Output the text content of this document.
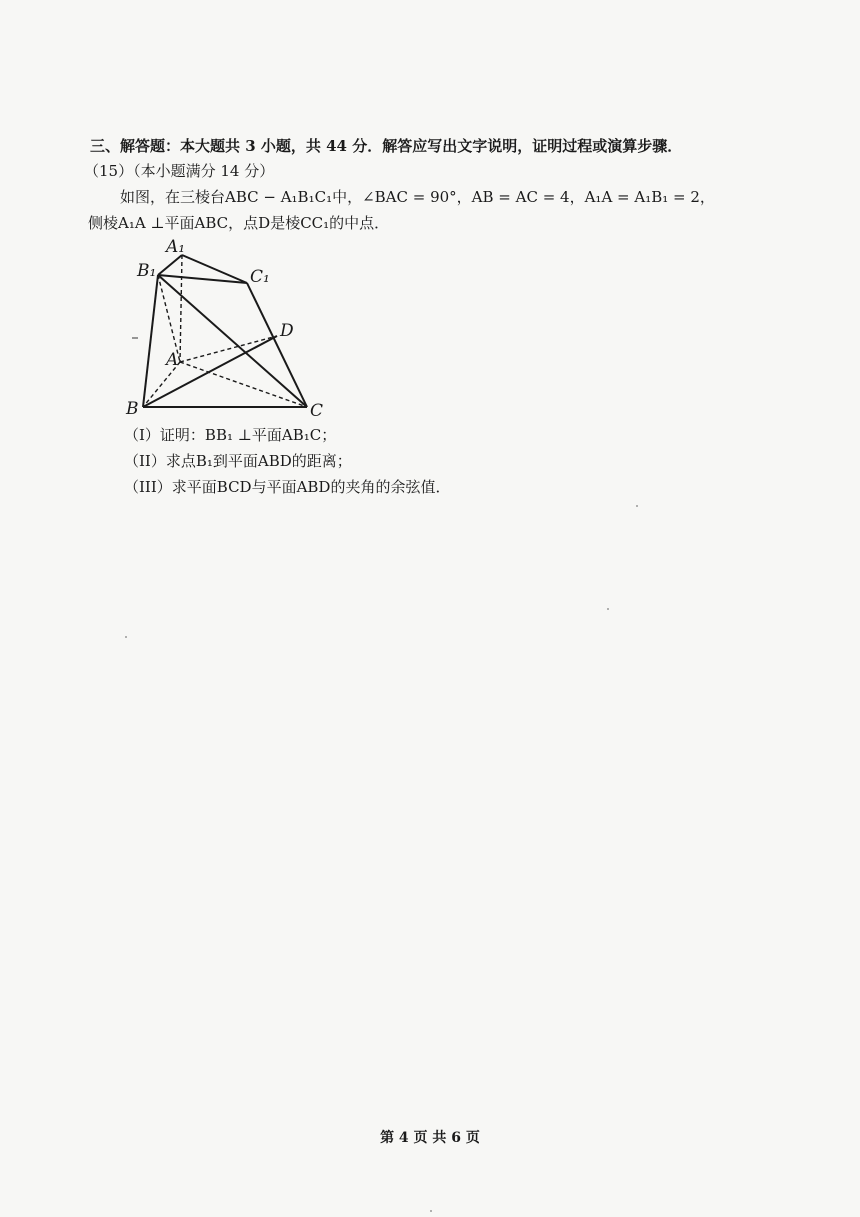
三、解答题：本大题共 3 小题，共 44 分．解答应写出文字说明，证明过程或演算步骤．
（15）（本小题满分 14 分）
如图，在三棱台ABC − A₁B₁C₁中，∠BAC = 90°，AB = AC = 4，A₁A = A₁B₁ = 2，
侧棱A₁A ⊥平面ABC，点D是棱CC₁的中点．
A₁
B₁	C₁
D
A
B	C
（I）证明：BB₁ ⊥平面AB₁C；
（II）求点B₁到平面ABD的距离；
（III）求平面BCD与平面ABD的夹角的余弦值．
第 4 页 共 6 页
